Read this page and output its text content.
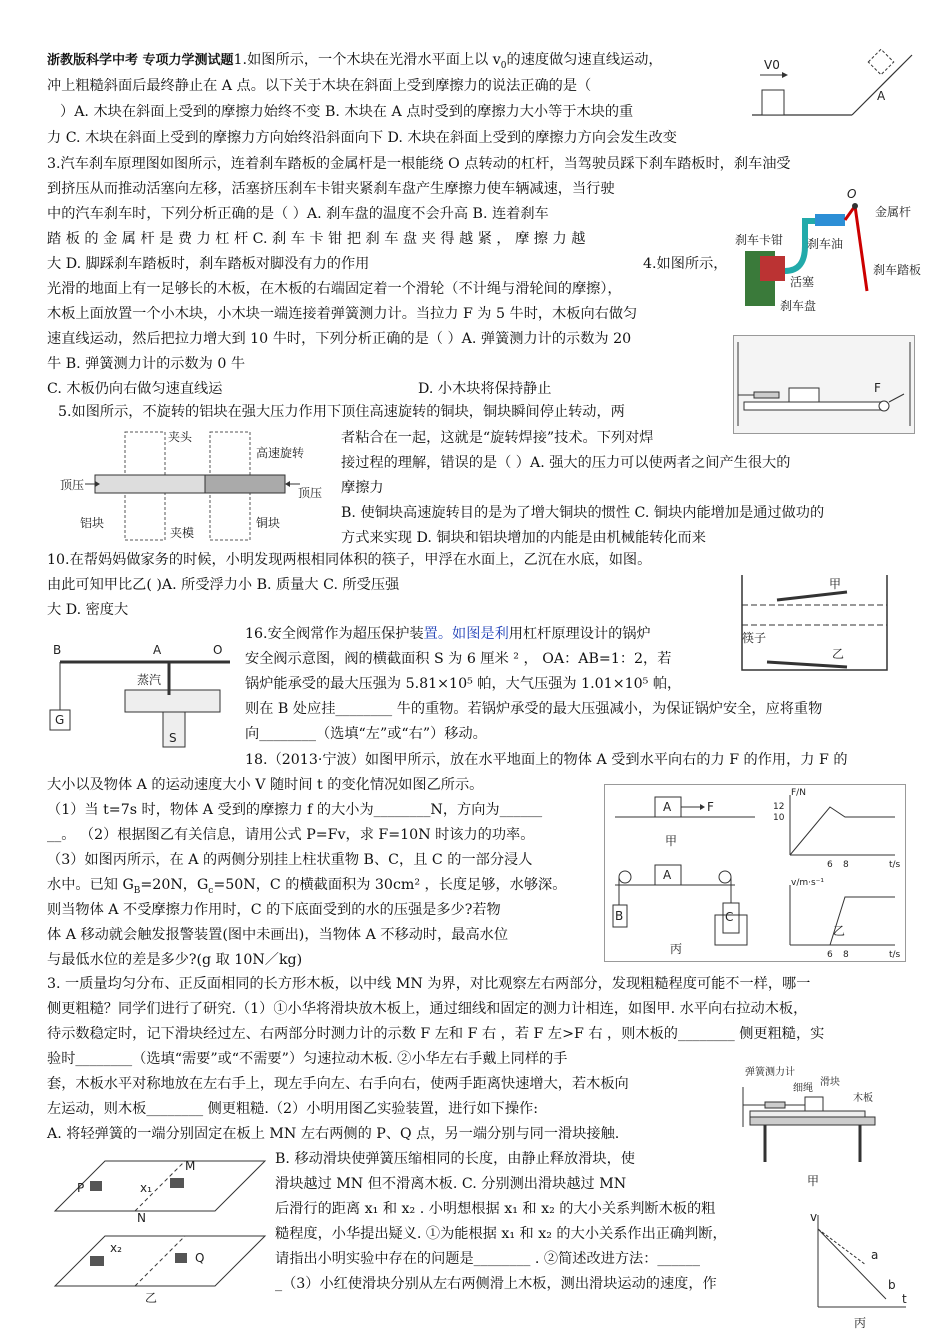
浙教版科学中考 专项力学测试题1.如图所示，一个木块在光滑水平面上以 $v_0$的速度做匀速直线运动，

冲上粗糙斜面后最终静止在 A 点。以下关于木块在斜面上受到摩擦力的说法正确的是（

）A. 木块在斜面上受到的摩擦力始终不变 B. 木块在 A 点时受到的摩擦力大小等于木块的重

力 C. 木块在斜面上受到的摩擦力方向始终沿斜面向下 D. 木块在斜面上受到的摩擦力方向会发生改变

V0
A

3.汽车刹车原理图如图所示，连着刹车踏板的金属杆是一根能绕 O 点转动的杠杆，当驾驶员踩下刹车踏板时，刹车油受

到挤压从而推动活塞向左移，活塞挤压刹车卡钳夹紧刹车盘产生摩擦力使车辆减速，当行驶

中的汽车刹车时，下列分析正确的是（ ）A. 刹车盘的温度不会升高 B. 连着刹车

踏 板 的 金 属 杆 是 费 力 杠 杆 C. 刹 车 卡 钳 把 刹 车 盘 夹 得 越 紧 ， 摩 擦 力 越

大 D. 脚踩刹车踏板时，刹车踏板对脚没有力的作用

O
金属杆
刹车卡钳 刹车油
刹车踏板
活塞
刹车盘

4.如图所示，

光滑的地面上有一足够长的木板，在木板的右端固定着一个滑轮（不计绳与滑轮间的摩擦），

木板上面放置一个小木块，小木块一端连接着弹簧测力计。当拉力 F 为 5 牛时，木板向右做匀

速直线运动，然后把拉力增大到 10 牛时，下列分析正确的是（ ）A. 弹簧测力计的示数为 20

牛 B. 弹簧测力计的示数为 0 牛

C. 木板仍向右做匀速直线运	D. 小木块将保持静止	F

5.如图所示，不旋转的铝块在强大压力作用下顶住高速旋转的铜块，铜块瞬间停止转动，两

者粘合在一起，这就是“旋转焊接”技术。下列对焊

接过程的理解，错误的是（ ）A. 强大的压力可以使两者之间产生很大的

摩擦力

B. 使铜块高速旋转目的是为了增大铜块的惯性 C. 铜块内能增加是通过做功的

方式来实现 D. 铜块和铝块增加的内能是由机械能转化而来

夹头
高速旋转
顶压
顶压
铝块
夹模
铜块

10.在帮妈妈做家务的时候，小明发现两根相同体积的筷子，甲浮在水面上，乙沉在水底，如图。

由此可知甲比乙( )A. 所受浮力小 B. 质量大 C. 所受压强

大 D. 密度大

甲
筷子
乙

16.安全阀常作为超压保护装置。如图是利用杠杆原理设计的锅炉

安全阀示意图，阀的横截面积 S 为 6 厘米 ² ， OA：AB=1：2，若

锅炉能承受的最大压强为 5.81×10⁵ 帕，大气压强为 1.01×10⁵ 帕，

则在 B 处应挂________ 牛的重物。若锅炉承受的最大压强减小，为保证锅炉安全，应将重物

向________（选填“左”或“右”）移动。

G
B	A	O
蒸汽
S

18.（2013·宁波）如图甲所示，放在水平地面上的物体 A 受到水平向右的力 F 的作用，力 F 的

大小以及物体 A 的运动速度大小 V 随时间 t 的变化情况如图乙所示。

（1）当 t=7s 时，物体 A 受到的摩擦力 f 的大小为________N，方向为______

__。 （2）根据图乙有关信息，请用公式 P=Fv，求 F=10N 时该力的功率。

（3）如图丙所示，在 A 的两侧分别挂上柱状重物 B、C，且 C 的一部分浸人

水中。已知 $G_B=20N$，$G_c=50N$，C 的横截面积为 30cm² ，长度足够，水够深。

则当物体 A 不受摩擦力作用时，C 的下底面受到的水的压强是多少?若物

体 A 移动就会触发报警装置(图中未画出)，当物体 A 不移动时，最高水位

与最低水位的差是多少?(g 取 10N／kg)

A	F
甲
A
B	C
丙
F/N
12
10
6 8	t/s
v/m·s⁻¹
6 8	t/s
乙

3. 一质量均匀分布、正反面相同的长方形木板，以中线 MN 为界，对比观察左右两部分，发现粗糙程度可能不一样，哪一

侧更粗糙？同学们进行了研究.（1）①小华将滑块放木板上，通过细线和固定的测力计相连，如图甲. 水平向右拉动木板，

待示数稳定时，记下滑块经过左、右两部分时测力计的示数 F 左和 F 右 ，若 F 左>F 右 ，则木板的________ 侧更粗糙，实

验时________（选填“需要”或“不需要”）匀速拉动木板. ②小华左右手戴上同样的手

套，木板水平对称地放在左右手上，现左手向左、右手向右，使两手距离快速增大，若木板向

左运动，则木板________ 侧更粗糙.（2）小明用图乙实验装置，进行如下操作:

A. 将轻弹簧的一端分别固定在板上 MN 左右两侧的 P、Q 点，另一端分别与同一滑块接触.

B. 移动滑块使弹簧压缩相同的长度，由静止释放滑块，使

滑块越过 MN 但不滑离木板. C. 分别测出滑块越过 MN

后滑行的距离 x₁ 和 x₂ . 小明想根据 x₁ 和 x₂ 的大小关系判断木板的粗

糙程度，小华提出疑义. ①为能根据 x₁ 和 x₂ 的大小关系作出正确判断，

请指出小明实验中存在的问题是________ . ②简述改进方法：______

_（3）小红使滑块分别从左右两侧滑上木板，测出滑块运动的速度，作

弹簧测力计
细绳
滑块
木板
甲
M
N
P
Q
x₁
x₂
乙
v
a
b
t
丙
